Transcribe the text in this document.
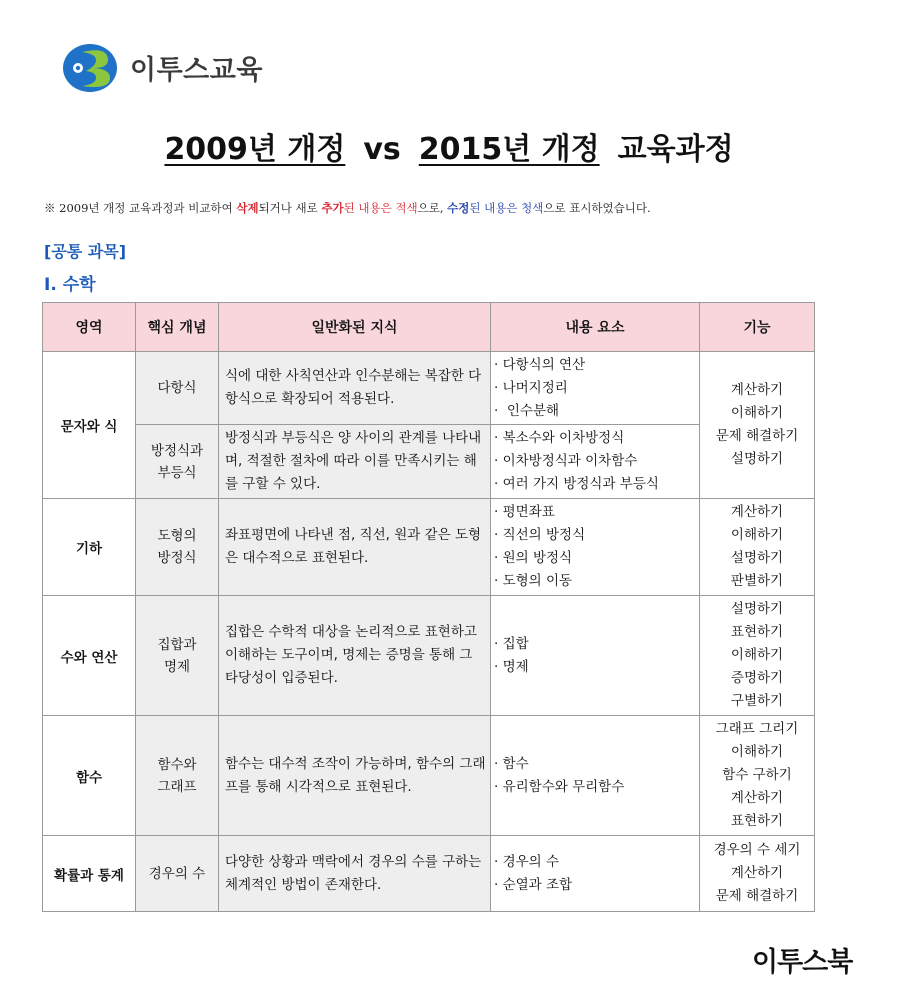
이투스교육
2009년 개정 vs 2015년 개정 교육과정
※ 2009년 개정 교육과정과 비교하여 삭제되거나 새로 추가된 내용은 적색으로, 수정된 내용은 청색으로 표시하였습니다.
[공통 과목]
Ⅰ. 수학
영역	핵심 개념	일반화된 지식	내용 요소	기능
문자와 식	다항식	식에 대한 사칙연산과 인수분해는 복잡한 다항식으로 확장되어 적용된다.	· 다항식의 연산
· 나머지정리
·  인수분해	계산하기
이해하기
문제 해결하기
설명하기

	방정식과
부등식	방정식과 부등식은 양 사이의 관계를 나타내며, 적절한 절차에 따라 이를 만족시키는 해를 구할 수 있다.	· 복소수와 이차방정식
· 이차방정식과 이차함수
· 여러 가지 방정식과 부등식	

기하	도형의
방정식	좌표평면에 나타낸 점, 직선, 원과 같은 도형은 대수적으로 표현된다.	· 평면좌표
· 직선의 방정식
· 원의 방정식
· 도형의 이동	계산하기
이해하기
설명하기
판별하기

수와 연산	집합과
명제	집합은 수학적 대상을 논리적으로 표현하고 이해하는 도구이며, 명제는 증명을 통해 그 타당성이 입증된다.	· 집합
· 명제	설명하기
표현하기
이해하기
증명하기
구별하기

함수	함수와
그래프	함수는 대수적 조작이 가능하며, 함수의 그래프를 통해 시각적으로 표현된다.	· 함수
· 유리함수와 무리함수	그래프 그리기
이해하기
함수 구하기
계산하기
표현하기

확률과 통계	경우의 수	다양한 상황과 맥락에서 경우의 수를 구하는 체계적인 방법이 존재한다.	· 경우의 수
· 순열과 조합	경우의 수 세기
계산하기
문제 해결하기
이투스북
